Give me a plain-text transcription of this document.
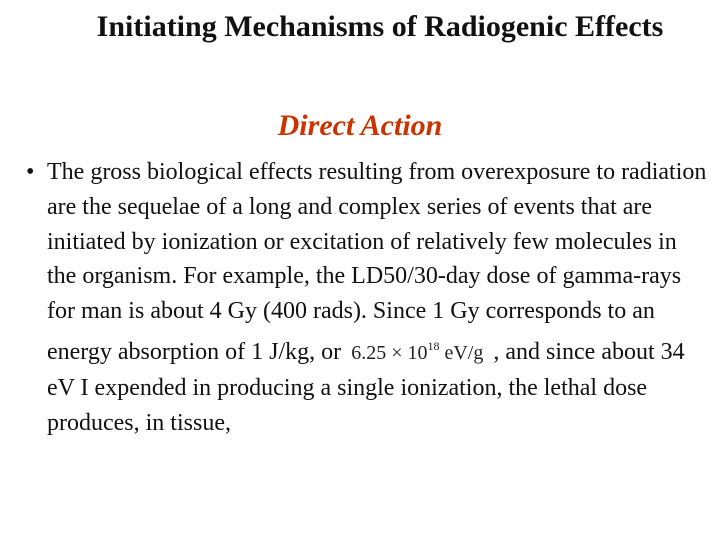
Initiating Mechanisms of Radiogenic Effects
Direct Action
• The gross biological effects resulting from overexposure to radiation are the sequelae of a long and complex series of events that are initiated by ionization or excitation of relatively few molecules in the organism. For example, the LD50/30-day dose of gamma-rays for man is about 4 Gy (400 rads). Since 1 Gy corresponds to an energy absorption of 1 J/kg, or $6.25 \times 10^{18}$ eV/g , and since about 34 eV I expended in producing a single ionization, the lethal dose produces, in tissue,
